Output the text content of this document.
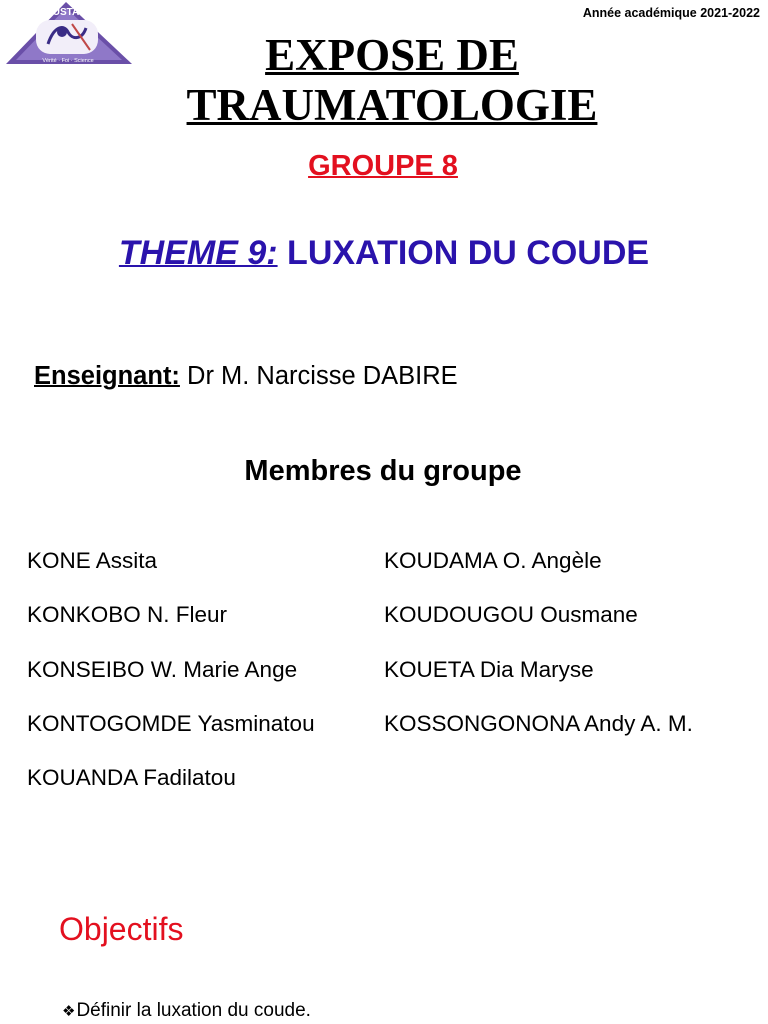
USTA
Vérité · Foi · Science
Année académique 2021-2022
EXPOSE DE
TRAUMATOLOGIE
GROUPE 8
THEME 9: LUXATION DU COUDE
Enseignant: Dr M. Narcisse DABIRE
Membres du groupe
KONE Assita
KONKOBO N. Fleur
KONSEIBO W. Marie Ange
KONTOGOMDE Yasminatou
KOUANDA Fadilatou
KOUDAMA O. Angèle
KOUDOUGOU Ousmane
KOUETA Dia Maryse
KOSSONGONONA Andy A. M.
Objectifs
❖Définir la luxation du coude.
